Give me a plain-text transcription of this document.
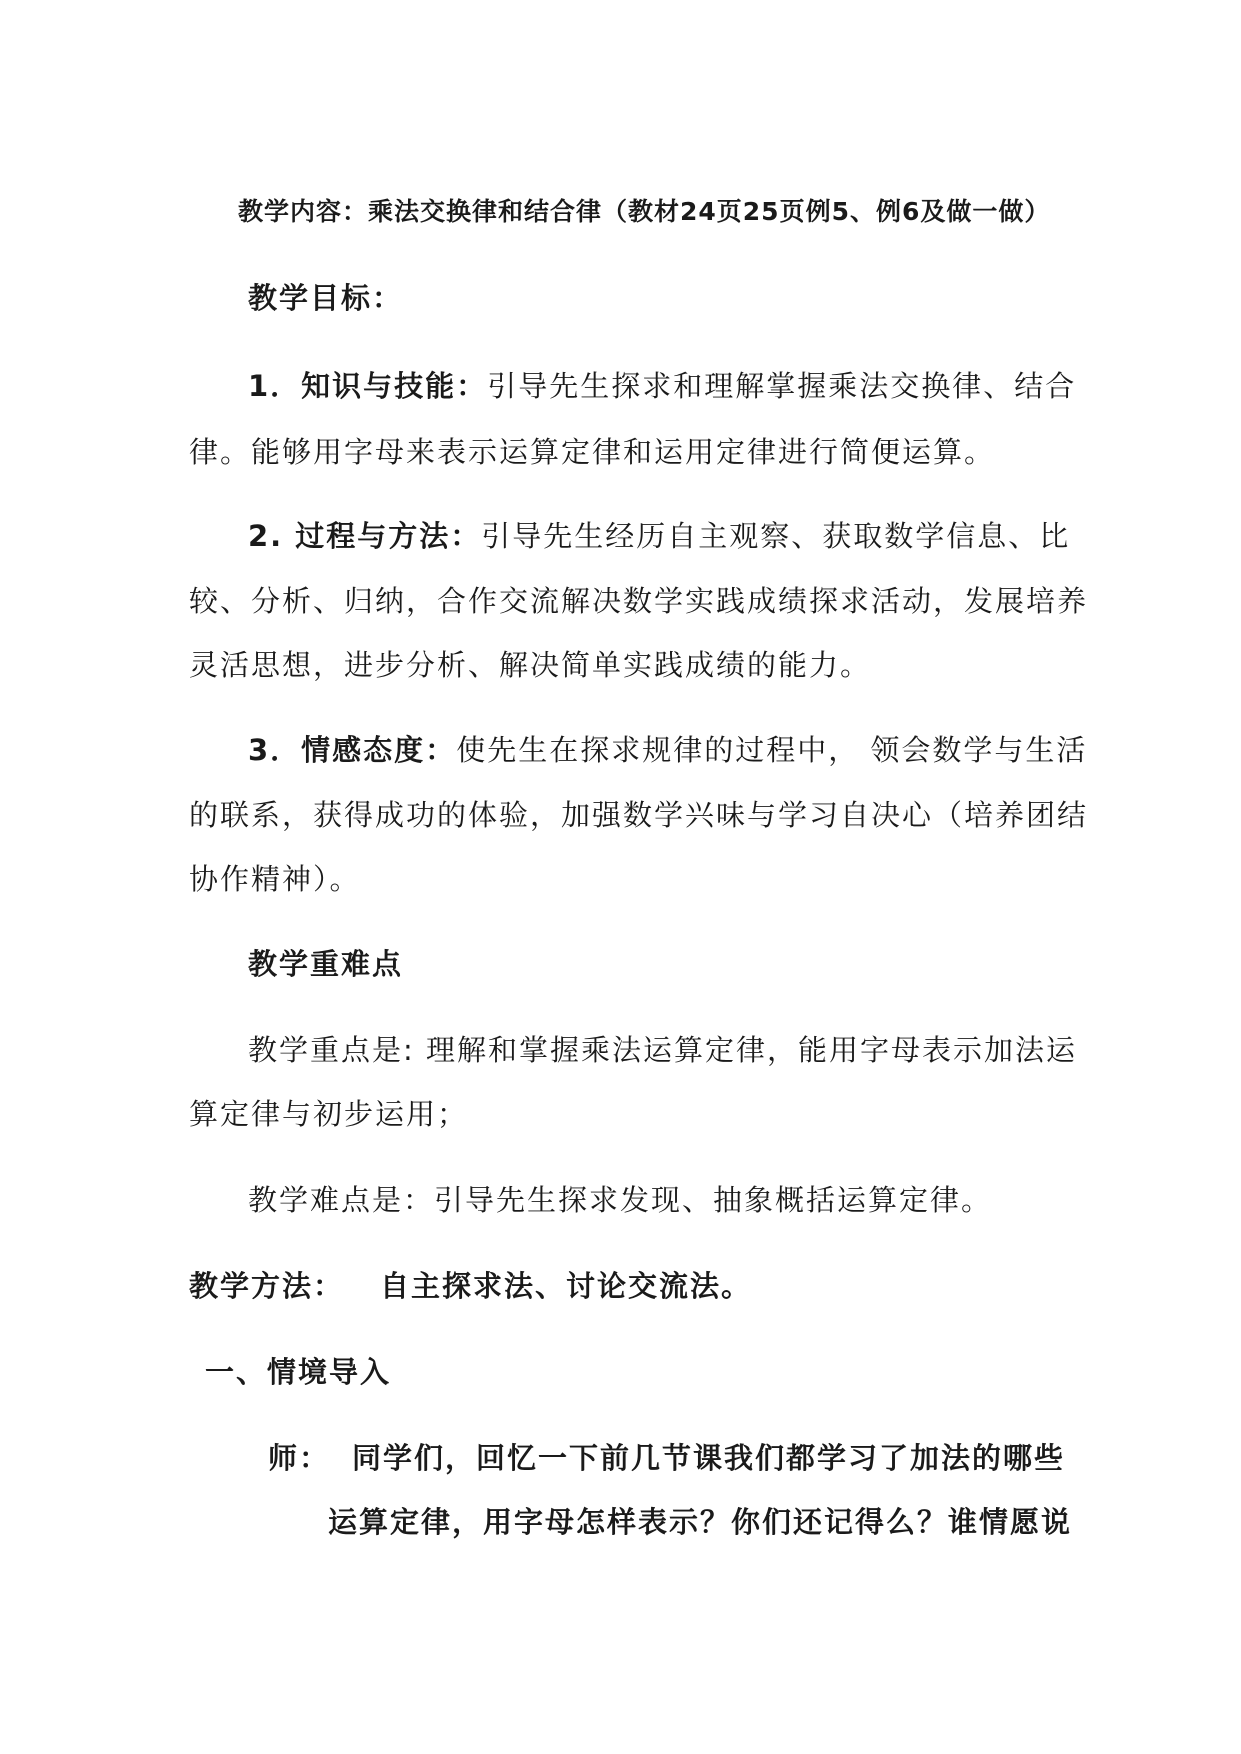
教学内容：乘法交换律和结合律（教材24页25页例5、例6及做一做）
教学目标：
1．知识与技能：引导先生探求和理解掌握乘法交换律、结合
律。能够用字母来表示运算定律和运用定律进行简便运算。
2. 过程与方法：引导先生经历自主观察、获取数学信息、比
较、分析、归纳，合作交流解决数学实践成绩探求活动，发展培养
灵活思想，进步分析、解决简单实践成绩的能力。
3．情感态度：使先生在探求规律的过程中， 领会数学与生活
的联系，获得成功的体验，加强数学兴味与学习自决心（培养团结
协作精神）。
教学重难点
教学重点是: 理解和掌握乘法运算定律，能用字母表示加法运
算定律与初步运用；
教学难点是：引导先生探求发现、抽象概括运算定律。
教学方法： 自主探求法、讨论交流法。
一、情境导入
师： 同学们，回忆一下前几节课我们都学习了加法的哪些
运算定律，用字母怎样表示？你们还记得么？谁情愿说
